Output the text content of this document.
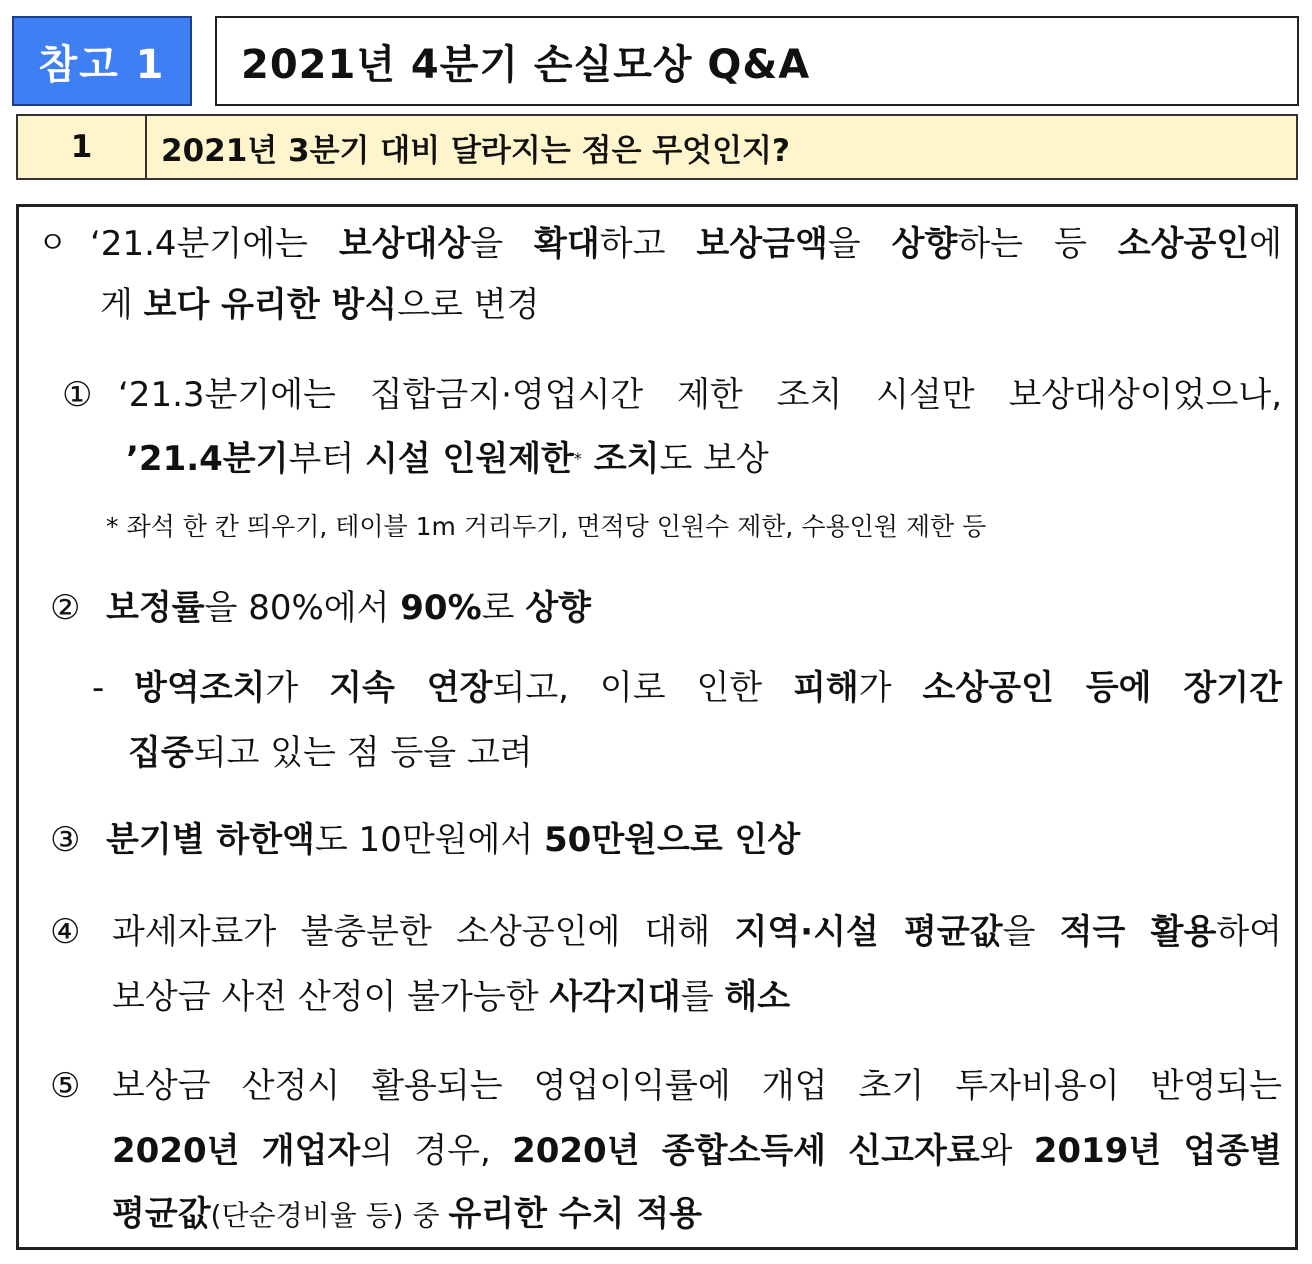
참고 1	2021년 4분기 손실모상 Q&A
1	2021년 3분기 대비 달라지는 점은 무엇인지?
ㅇ ‘21.4분기에는 보상대상을 확대하고 보상금액을 상향하는 등 소상공인에
게 보다 유리한 방식으로 변경
① ‘21.3분기에는 집합금지·영업시간 제한 조치 시설만 보상대상이었으나,
’21.4분기부터 시설 인원제한* 조치도 보상
* 좌석 한 칸 띄우기, 테이블 1m 거리두기, 면적당 인원수 제한, 수용인원 제한 등
② 보정률을 80%에서 90%로 상향
- 방역조치가 지속 연장되고, 이로 인한 피해가 소상공인 등에 장기간
집중되고 있는 점 등을 고려
③ 분기별 하한액도 10만원에서 50만원으로 인상
④ 과세자료가 불충분한 소상공인에 대해 지역·시설 평균값을 적극 활용하여
보상금 사전 산정이 불가능한 사각지대를 해소
⑤ 보상금 산정시 활용되는 영업이익률에 개업 초기 투자비용이 반영되는
2020년 개업자의 경우, 2020년 종합소득세 신고자료와 2019년 업종별
평균값(단순경비율 등) 중 유리한 수치 적용
